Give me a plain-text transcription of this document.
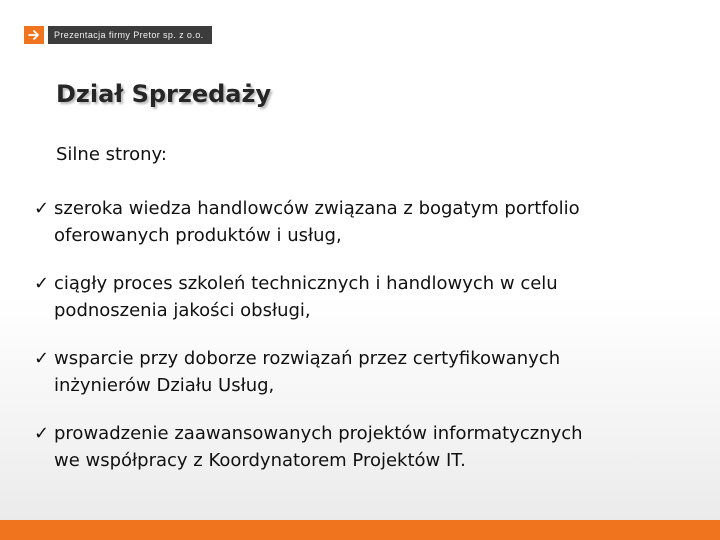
Prezentacja firmy Pretor sp. z o.o.
Dział Sprzedaży
Silne strony:
✓ szeroka wiedza handlowców związana z bogatym portfolio
oferowanych produktów i usług,
✓ ciągły proces szkoleń technicznych i handlowych w celu
podnoszenia jakości obsługi,
✓ wsparcie przy doborze rozwiązań przez certyfikowanych
inżynierów Działu Usług,
✓ prowadzenie zaawansowanych projektów informatycznych
we współpracy z Koordynatorem Projektów IT.
